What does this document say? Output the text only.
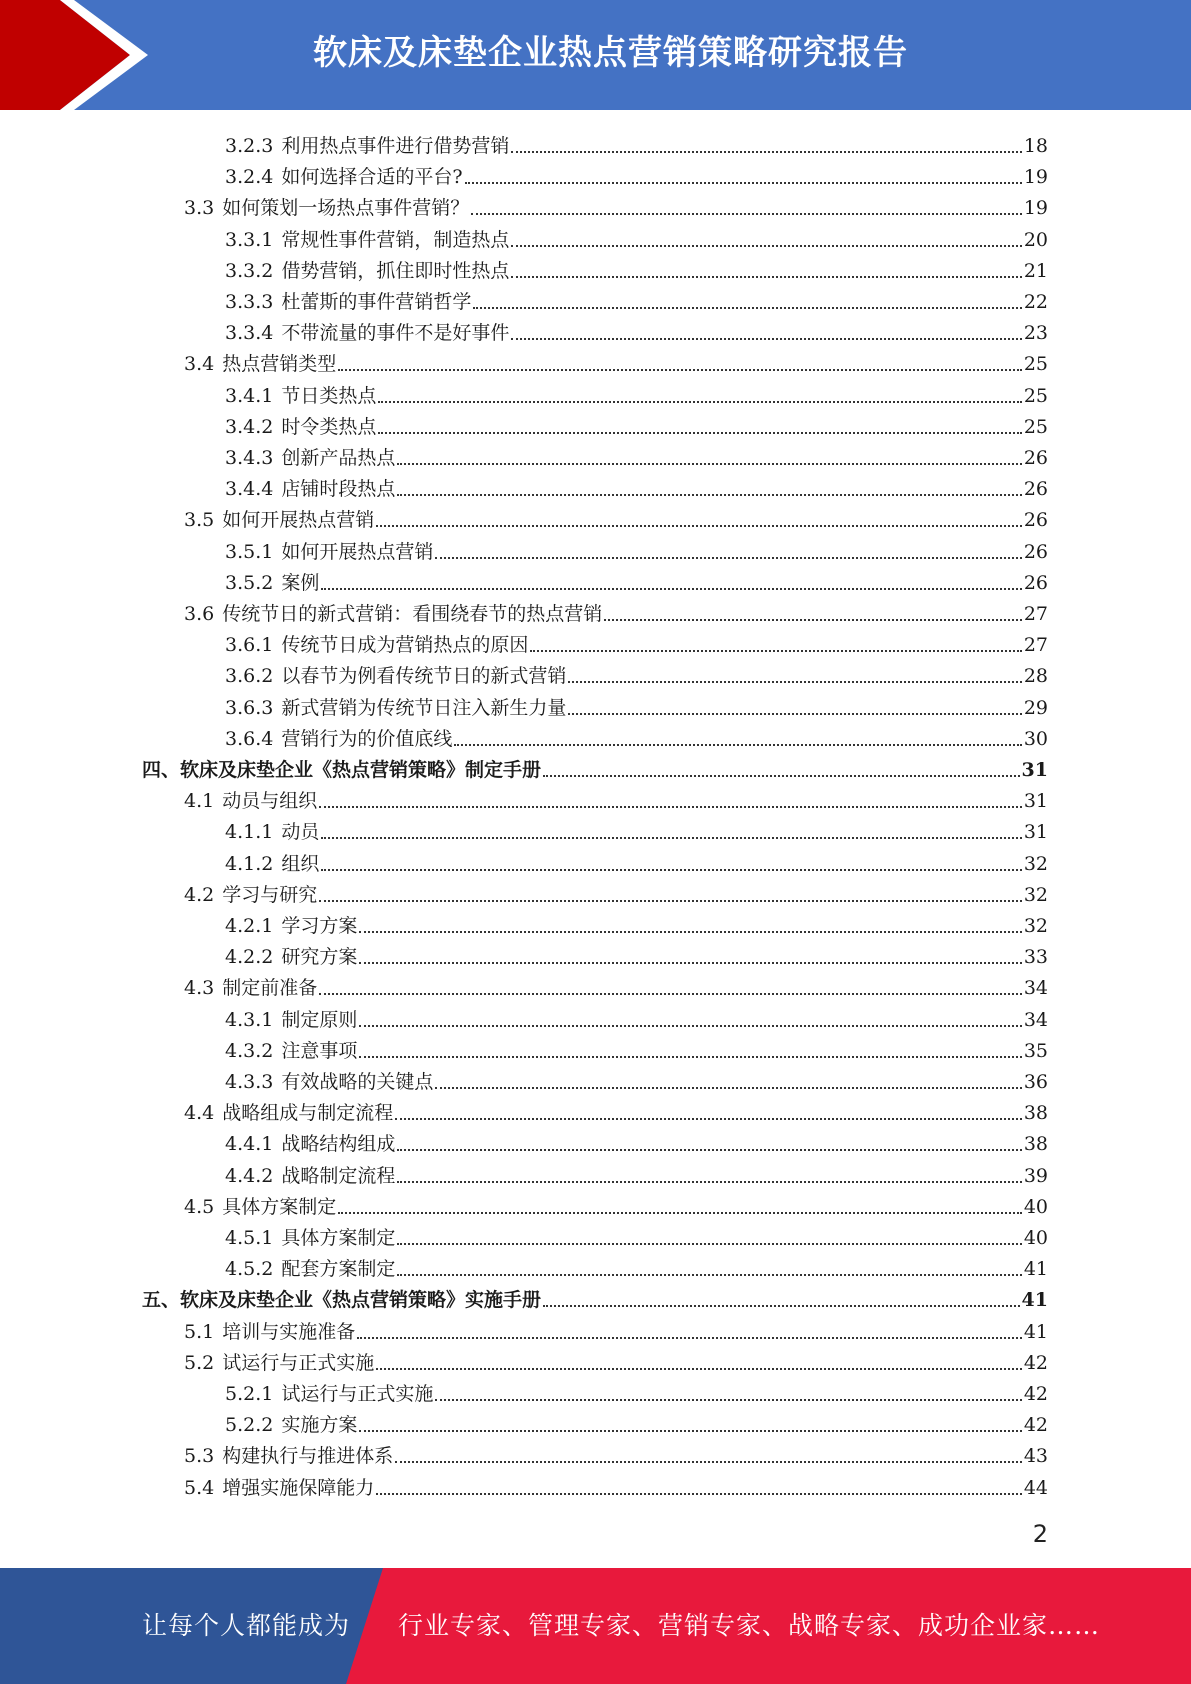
软床及床垫企业热点营销策略研究报告
3.2.3 利用热点事件进行借势营销	18
3.2.4 如何选择合适的平台?	19
3.3 如何策划一场热点事件营销？	19
3.3.1 常规性事件营销，制造热点	20
3.3.2 借势营销，抓住即时性热点	21
3.3.3 杜蕾斯的事件营销哲学	22
3.3.4 不带流量的事件不是好事件	23
3.4 热点营销类型	25
3.4.1 节日类热点	25
3.4.2 时令类热点	25
3.4.3 创新产品热点	26
3.4.4 店铺时段热点	26
3.5 如何开展热点营销	26
3.5.1 如何开展热点营销	26
3.5.2 案例	26
3.6 传统节日的新式营销：看围绕春节的热点营销	27
3.6.1 传统节日成为营销热点的原因	27
3.6.2 以春节为例看传统节日的新式营销	28
3.6.3 新式营销为传统节日注入新生力量	29
3.6.4 营销行为的价值底线	30
四、 软床及床垫企业《热点营销策略》制定手册	31
4.1 动员与组织	31
4.1.1 动员	31
4.1.2 组织	32
4.2 学习与研究	32
4.2.1 学习方案	32
4.2.2 研究方案	33
4.3 制定前准备	34
4.3.1 制定原则	34
4.3.2 注意事项	35
4.3.3 有效战略的关键点	36
4.4 战略组成与制定流程	38
4.4.1 战略结构组成	38
4.4.2 战略制定流程	39
4.5 具体方案制定	40
4.5.1 具体方案制定	40
4.5.2 配套方案制定	41
五、 软床及床垫企业《热点营销策略》实施手册	41
5.1 培训与实施准备	41
5.2 试运行与正式实施	42
5.2.1 试运行与正式实施	42
5.2.2 实施方案	42
5.3 构建执行与推进体系	43
5.4 增强实施保障能力	44
2
让每个人都能成为 行业专家、管理专家、营销专家、战略专家、成功企业家……
